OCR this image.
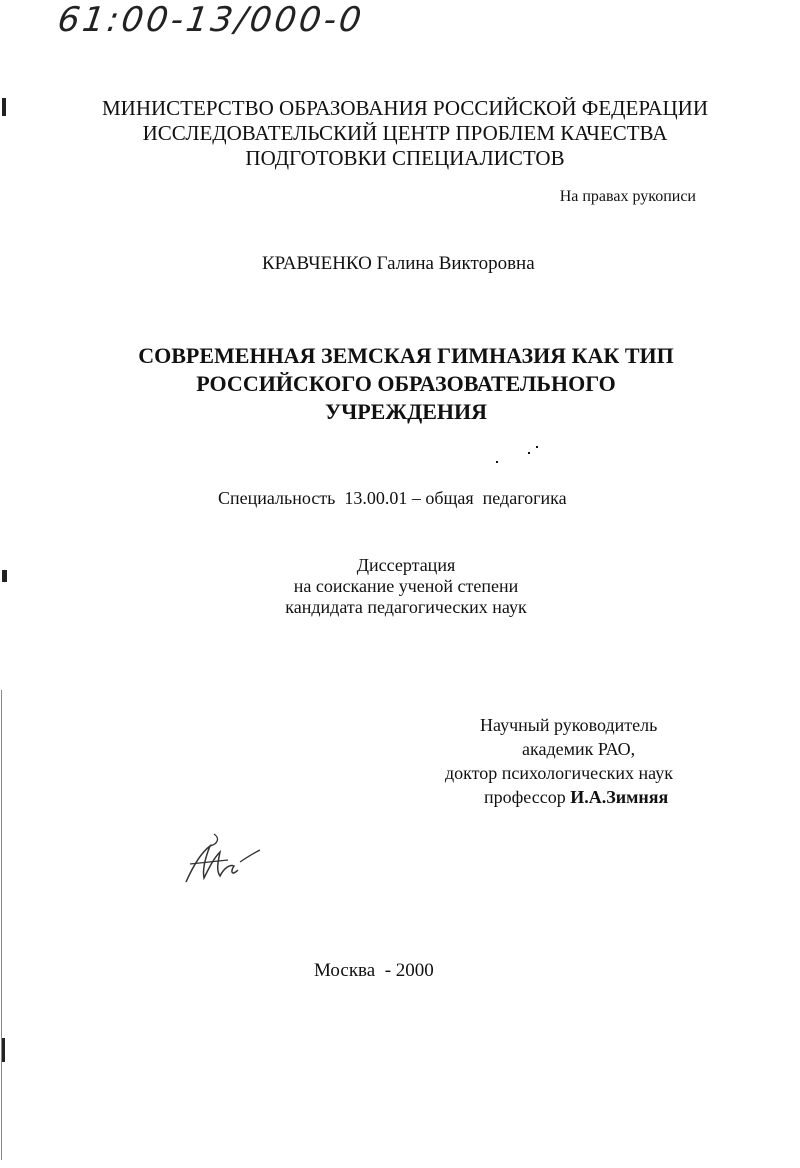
61:00-13/000-0
МИНИСТЕРСТВО ОБРАЗОВАНИЯ РОССИЙСКОЙ ФЕДЕРАЦИИ
ИССЛЕДОВАТЕЛЬСКИЙ ЦЕНТР ПРОБЛЕМ КАЧЕСТВА
ПОДГОТОВКИ СПЕЦИАЛИСТОВ
На правах рукописи
КРАВЧЕНКО Галина Викторовна
СОВРЕМЕННАЯ ЗЕМСКАЯ ГИМНАЗИЯ КАК ТИП
РОССИЙСКОГО ОБРАЗОВАТЕЛЬНОГО
УЧРЕЖДЕНИЯ
Специальность  13.00.01 – общая  педагогика
Диссертация
на соискание ученой степени
кандидата педагогических наук
Научный руководитель
академик РАО,
доктор психологических наук
профессор И.А.Зимняя
Москва  - 2000
